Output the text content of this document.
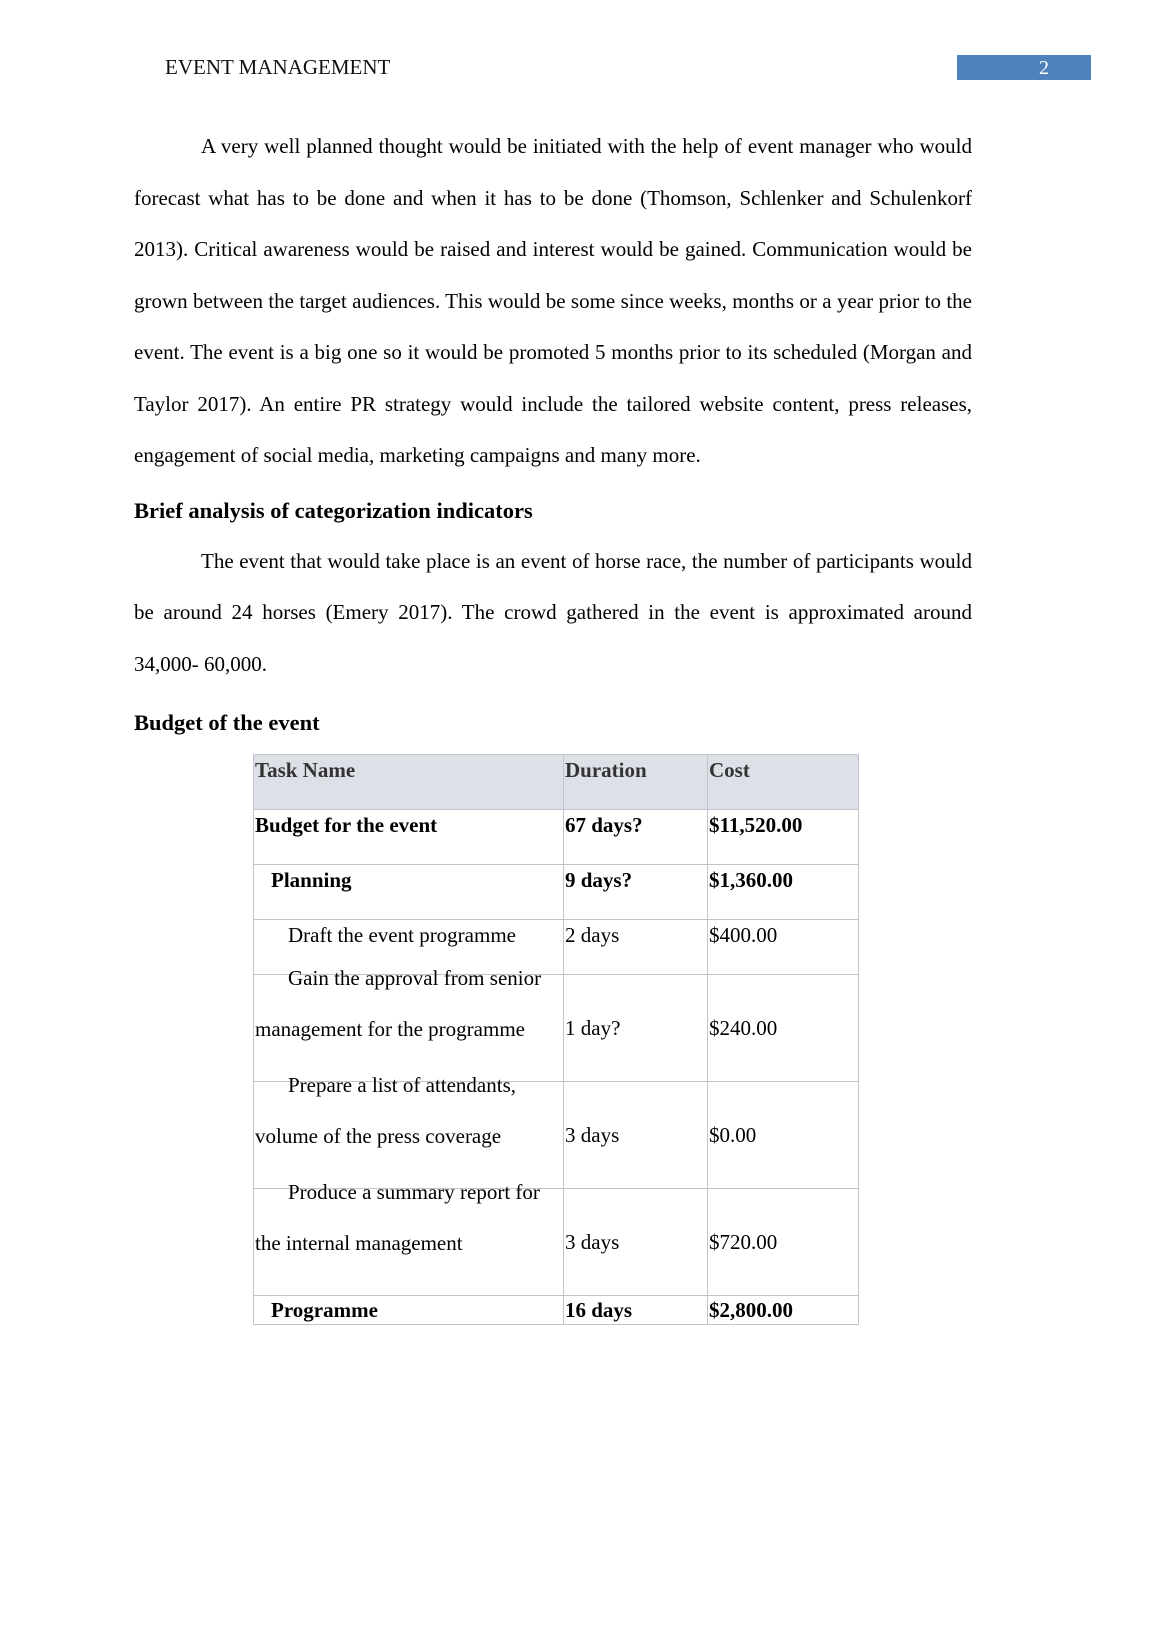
EVENT MANAGEMENT	2

A very well planned thought would be initiated with the help of event manager who would forecast what has to be done and when it has to be done (Thomson, Schlenker and Schulenkorf 2013). Critical awareness would be raised and interest would be gained. Communication would be grown between the target audiences. This would be some since weeks, months or a year prior to the event. The event is a big one so it would be promoted 5 months prior to its scheduled (Morgan and Taylor 2017). An entire PR strategy would include the tailored website content, press releases, engagement of social media, marketing campaigns and many more.

Brief analysis of categorization indicators

The event that would take place is an event of horse race, the number of participants would be around 24 horses (Emery 2017). The crowd gathered in the event is approximated around 34,000- 60,000.

Budget of the event
Task Name	Duration	Cost

Budget for the event	67 days?	$11,520.00

Planning	9 days?	$1,360.00

Draft the event programme	2 days	$400.00

Gain the approval from senior
management for the programme	1 day?	$240.00

Prepare a list of attendants,
volume of the press coverage	3 days	$0.00

Produce a summary report for
the internal management	3 days	$720.00

Programme	16 days	$2,800.00
